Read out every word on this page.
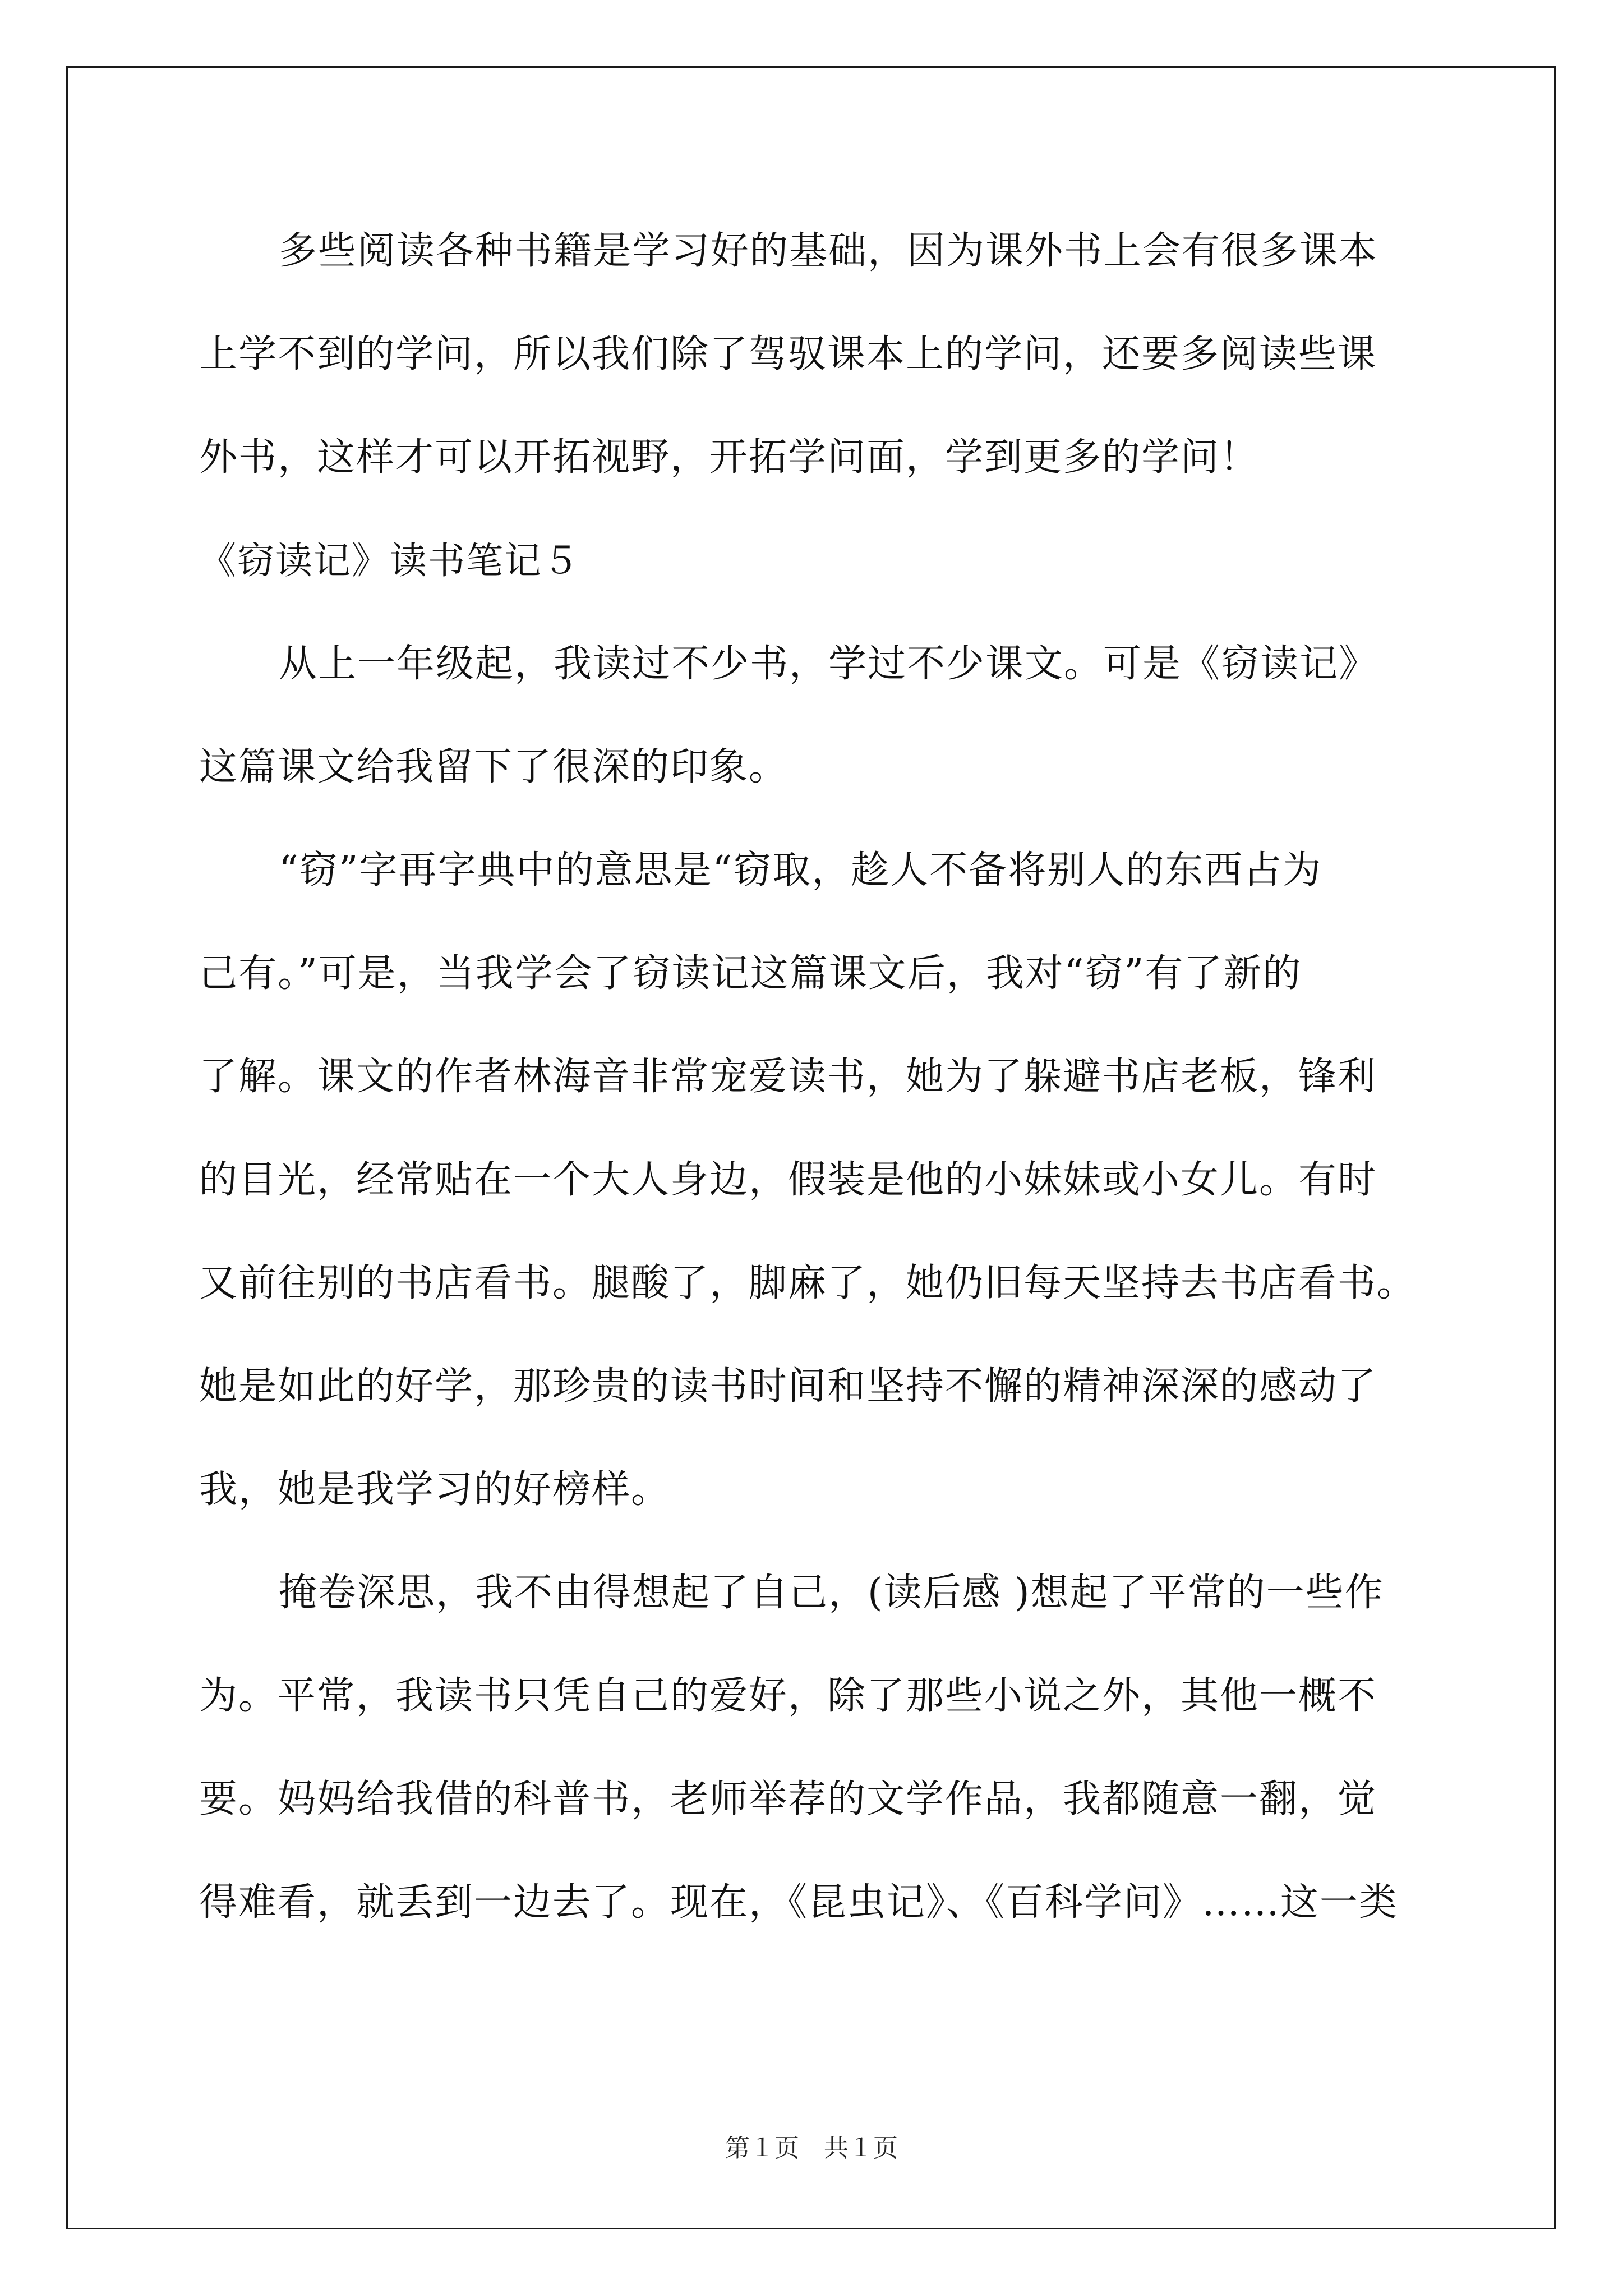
多些阅读各种书籍是学习好的基础，因为课外书上会有很多课本
上学不到的学问，所以我们除了驾驭课本上的学问，还要多阅读些课
外书，这样才可以开拓视野，开拓学问面，学到更多的学问！
《窃读记》读书笔记５
从上一年级起，我读过不少书，学过不少课文。可是《窃读记》
这篇课文给我留下了很深的印象。
“窃”字再字典中的意思是“窃取，趁人不备将别人的东西占为
己有。”可是，当我学会了窃读记这篇课文后，我对“窃”有了新的
了解。课文的作者林海音非常宠爱读书，她为了躲避书店老板，锋利
的目光，经常贴在一个大人身边，假装是他的小妹妹或小女儿。有时
又前往别的书店看书。腿酸了，脚麻了，她仍旧每天坚持去书店看书。
她是如此的好学，那珍贵的读书时间和坚持不懈的精神深深的感动了
我，她是我学习的好榜样。
掩卷深思，我不由得想起了自己，(读后感 )想起了平常的一些作
为。平常，我读书只凭自己的爱好，除了那些小说之外，其他一概不
要。妈妈给我借的科普书，老师举荐的文学作品，我都随意一翻，觉
得难看，就丢到一边去了。现在，《昆虫记》、《百科学问》……这一类
第１页　共１页
